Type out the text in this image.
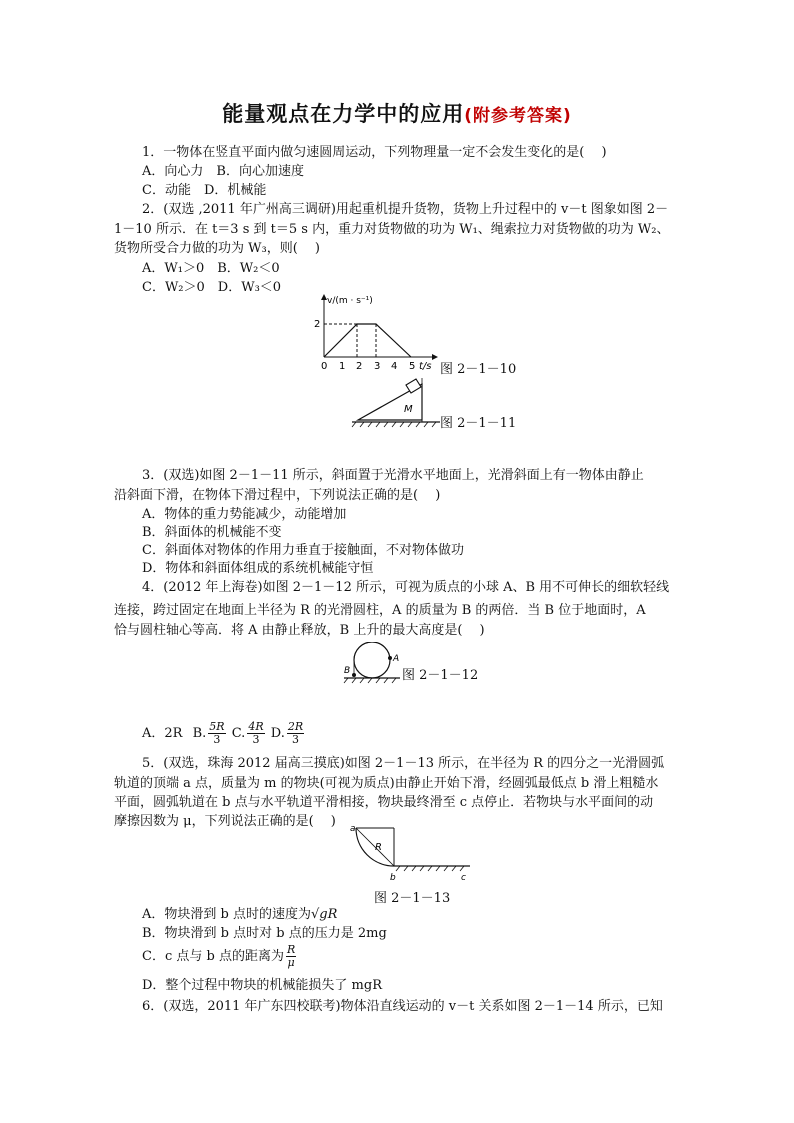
能量观点在力学中的应用(附参考答案)
1．一物体在竖直平面内做匀速圆周运动，下列物理量一定不会发生变化的是(　 )
A．向心力　B．向心加速度
C．动能　D．机械能
2．(双选 ,2011 年广州高三调研)用起重机提升货物，货物上升过程中的 v－t 图象如图 2－
1－10 所示．在 t＝3 s 到 t＝5 s 内，重力对货物做的功为 W₁、绳索拉力对货物做的功为 W₂、
货物所受合力做的功为 W₃，则(　 )
A．W₁＞0　B．W₂＜0
C．W₂＞0　D．W₃＜0
v/(m · s⁻¹)
2
0 1 2 3 4 5 t/s 图 2－1－10
M
图 2－1－11
3．(双选)如图 2－1－11 所示，斜面置于光滑水平地面上，光滑斜面上有一物体由静止
沿斜面下滑，在物体下滑过程中，下列说法正确的是(　 )
A．物体的重力势能减少，动能增加
B．斜面体的机械能不变
C．斜面体对物体的作用力垂直于接触面，不对物体做功
D．物体和斜面体组成的系统机械能守恒
4．(2012 年上海卷)如图 2－1－12 所示，可视为质点的小球 A、B 用不可伸长的细软轻线
连接，跨过固定在地面上半径为 R 的光滑圆柱，A 的质量为 B 的两倍．当 B 位于地面时，A
恰与圆柱轴心等高．将 A 由静止释放，B 上升的最大高度是(　 )
A
B	图 2－1－12
A．2R B. $\frac{5R}{3} C$. $\frac{4R}{3} D$. $\frac{2R}{3}$
5．(双选，珠海 2012 届高三摸底)如图 2－1－13 所示，在半径为 R 的四分之一光滑圆弧
轨道的顶端 a 点，质量为 m 的物块(可视为质点)由静止开始下滑，经圆弧最低点 b 滑上粗糙水
平面，圆弧轨道在 b 点与水平轨道平滑相接，物块最终滑至 c 点停止．若物块与水平面间的动
摩擦因数为 μ，下列说法正确的是(　 ) a
R
b	c
图 2－1－13
A．物块滑到 b 点时的速度为√gR
B．物块滑到 b 点时对 b 点的压力是 2mg
C．c 点与 b 点的距离为 $\frac{R}{\mu}$
D．整个过程中物块的机械能损失了 mgR
6．(双选，2011 年广东四校联考)物体沿直线运动的 v－t 关系如图 2－1－14 所示，已知
